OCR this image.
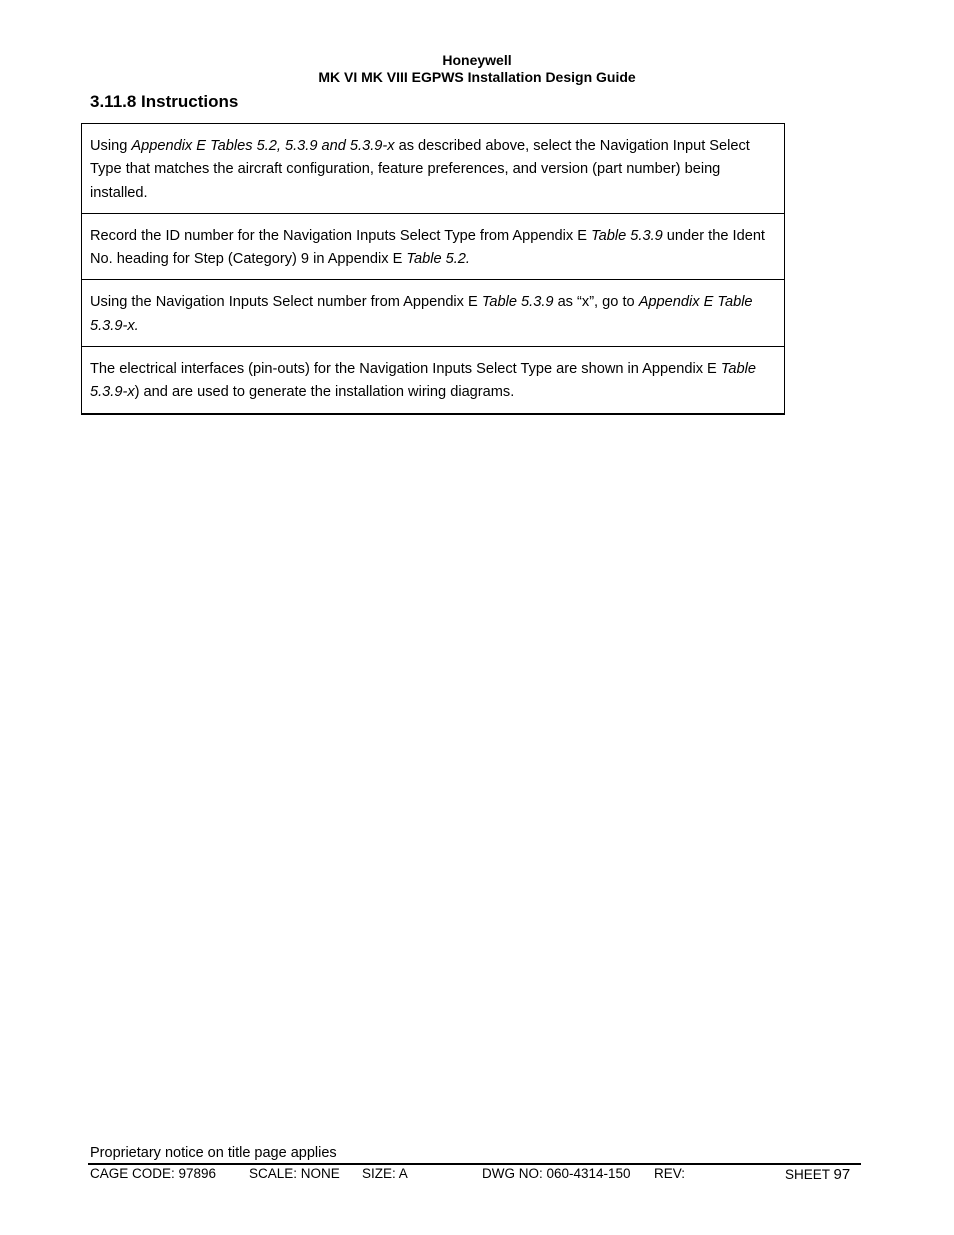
Honeywell
MK VI MK VIII EGPWS Installation Design Guide
3.11.8 Instructions
Using Appendix E Tables 5.2, 5.3.9 and 5.3.9-x as described above, select the Navigation Input Select Type that matches the aircraft configuration, feature preferences, and version (part number) being installed.
Record the ID number for the Navigation Inputs Select Type from Appendix E Table 5.3.9 under the Ident No. heading for Step (Category) 9 in Appendix E Table 5.2.
Using the Navigation Inputs Select number from Appendix E Table 5.3.9 as “x”, go to Appendix E Table 5.3.9-x.
The electrical interfaces (pin-outs) for the Navigation Inputs Select Type are shown in Appendix E Table 5.3.9-x) and are used to generate the installation wiring diagrams.
Proprietary notice on title page applies
CAGE CODE: 97896 SCALE: NONE SIZE: A	DWG NO: 060-4314-150 REV:	SHEET 97
